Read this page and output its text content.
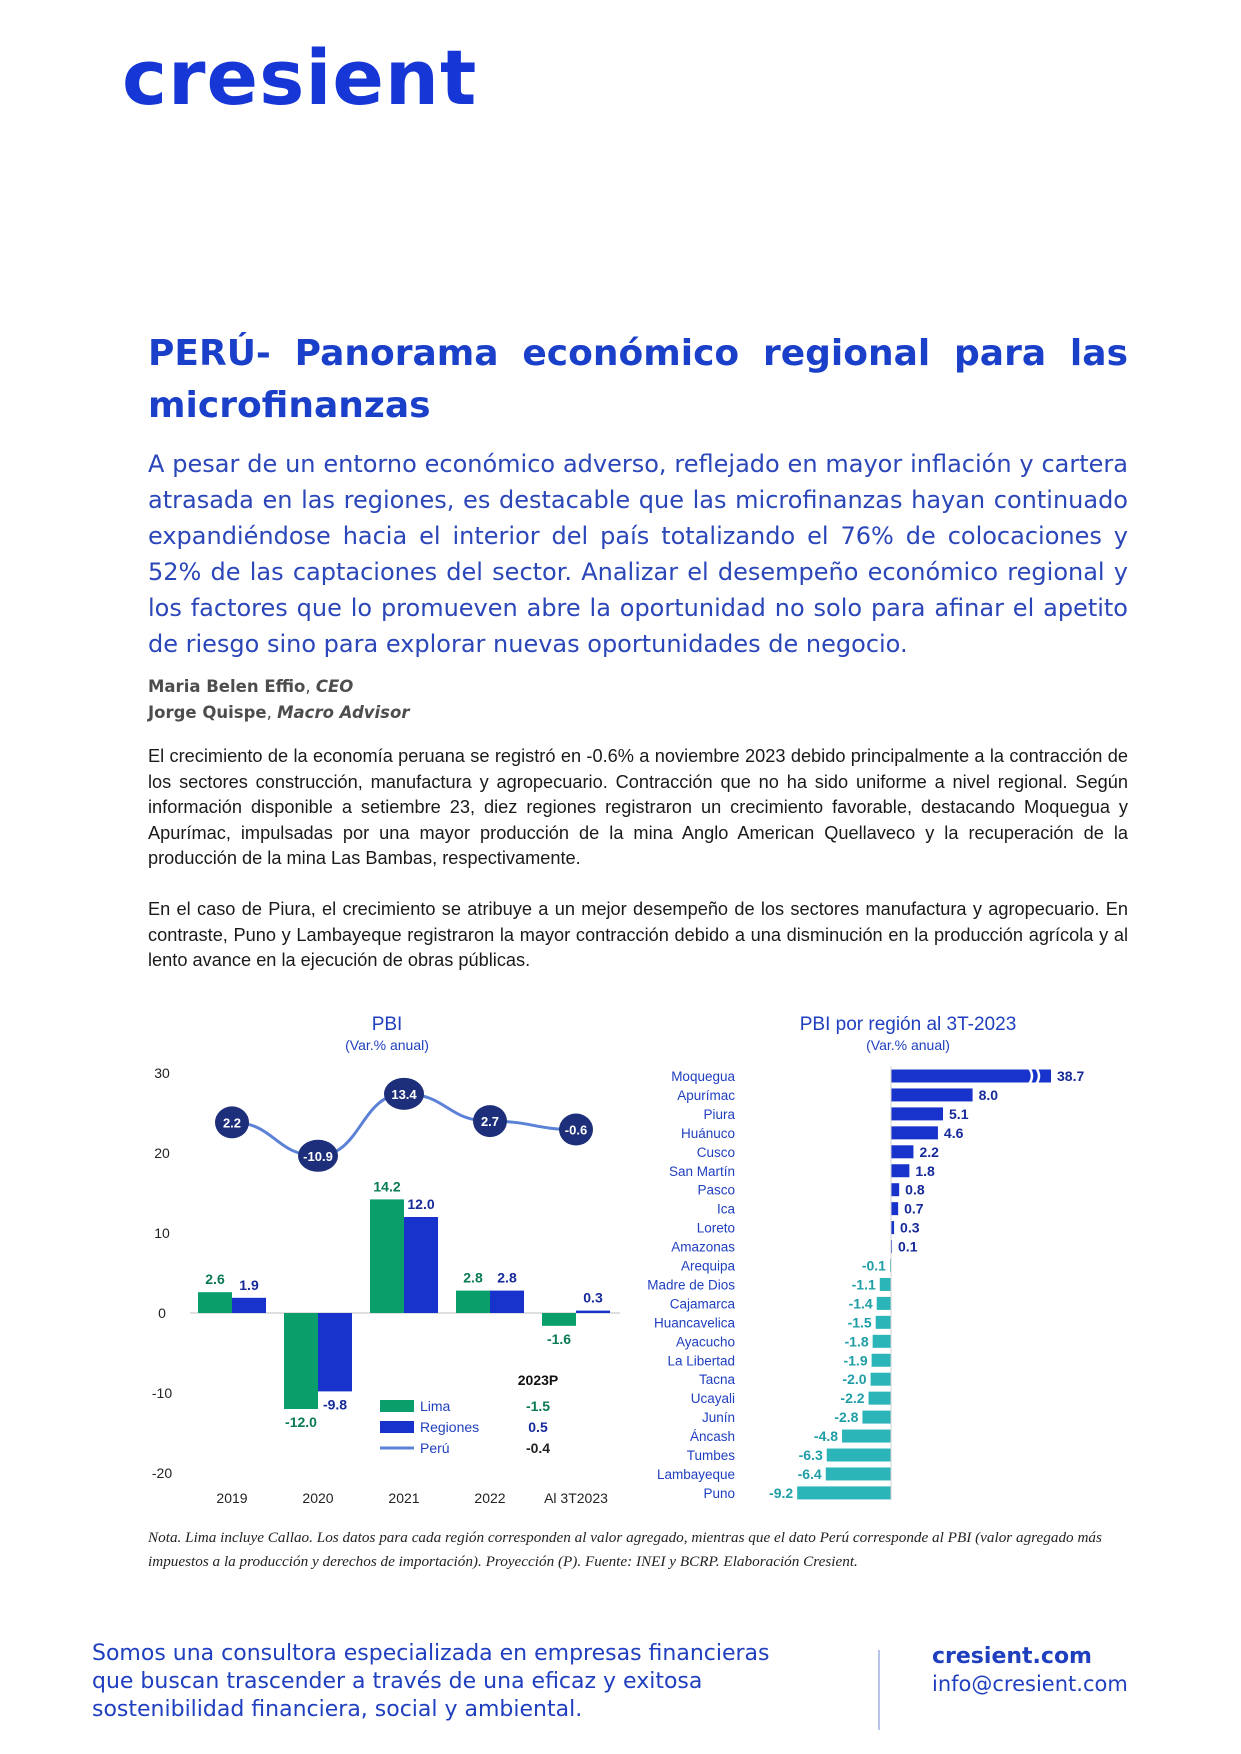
cresient
PERÚ- Panorama económico regional para las microfinanzas
A pesar de un entorno económico adverso, reflejado en mayor inflación y cartera atrasada en las regiones, es destacable que las microfinanzas hayan continuado expandiéndose hacia el interior del país totalizando el 76% de colocaciones y 52% de las captaciones del sector. Analizar el desempeño económico regional y los factores que lo promueven abre la oportunidad no solo para afinar el apetito de riesgo sino para explorar nuevas oportunidades de negocio.
Maria Belen Effio, CEO
Jorge Quispe, Macro Advisor

El crecimiento de la economía peruana se registró en -0.6% a noviembre 2023 debido principalmente a la contracción de los sectores construcción, manufactura y agropecuario. Contracción que no ha sido uniforme a nivel regional. Según información disponible a setiembre 23, diez regiones registraron un crecimiento favorable, destacando Moquegua y Apurímac, impulsadas por una mayor producción de la mina Anglo American Quellaveco y la recuperación de la producción de la mina Las Bambas, respectivamente.

En el caso de Piura, el crecimiento se atribuye a un mejor desempeño de los sectores manufactura y agropecuario. En contraste, Puno y Lambayeque registraron la mayor contracción debido a una disminución en la producción agrícola y al lento avance en la ejecución de obras públicas.

PBI
(Var.% anual)
30
20
10
0
-10
-20
2.6 1.9
2019
-12.0
-9.8
2020
14.2
12.0
2021
2.8 2.8
2022
-1.6
0.3
Al 3T2023
2.2
-10.9
13.4
2.7
-0.6
2023P
Lima	-1.5
Regiones	0.5
Perú	-0.4
PBI por región al 3T-2023
(Var.% anual)
Moquegua	38.7
Apurímac	8.0
Piura	5.1
Huánuco	4.6
Cusco	2.2
San Martín	1.8
Pasco	0.8
Ica	0.7
Loreto	0.3
Amazonas	0.1
Arequipa	-0.1
Madre de Dios	-1.1
Cajamarca	-1.4
Huancavelica	-1.5
Ayacucho	-1.8
La Libertad	-1.9
Tacna	-2.0
Ucayali	-2.2
Junín	-2.8
Áncash	-4.8
Tumbes	-6.3
Lambayeque	-6.4
Puno -9.2
Nota. Lima incluye Callao. Los datos para cada región corresponden al valor agregado, mientras que el dato Perú corresponde al PBI (valor agregado más impuestos a la producción y derechos de importación). Proyección (P). Fuente: INEI y BCRP. Elaboración Cresient.
Somos una consultora especializada en empresas financieras que buscan trascender a través de una eficaz y exitosa sostenibilidad financiera, social y ambiental.
cresient.com
info@cresient.com
